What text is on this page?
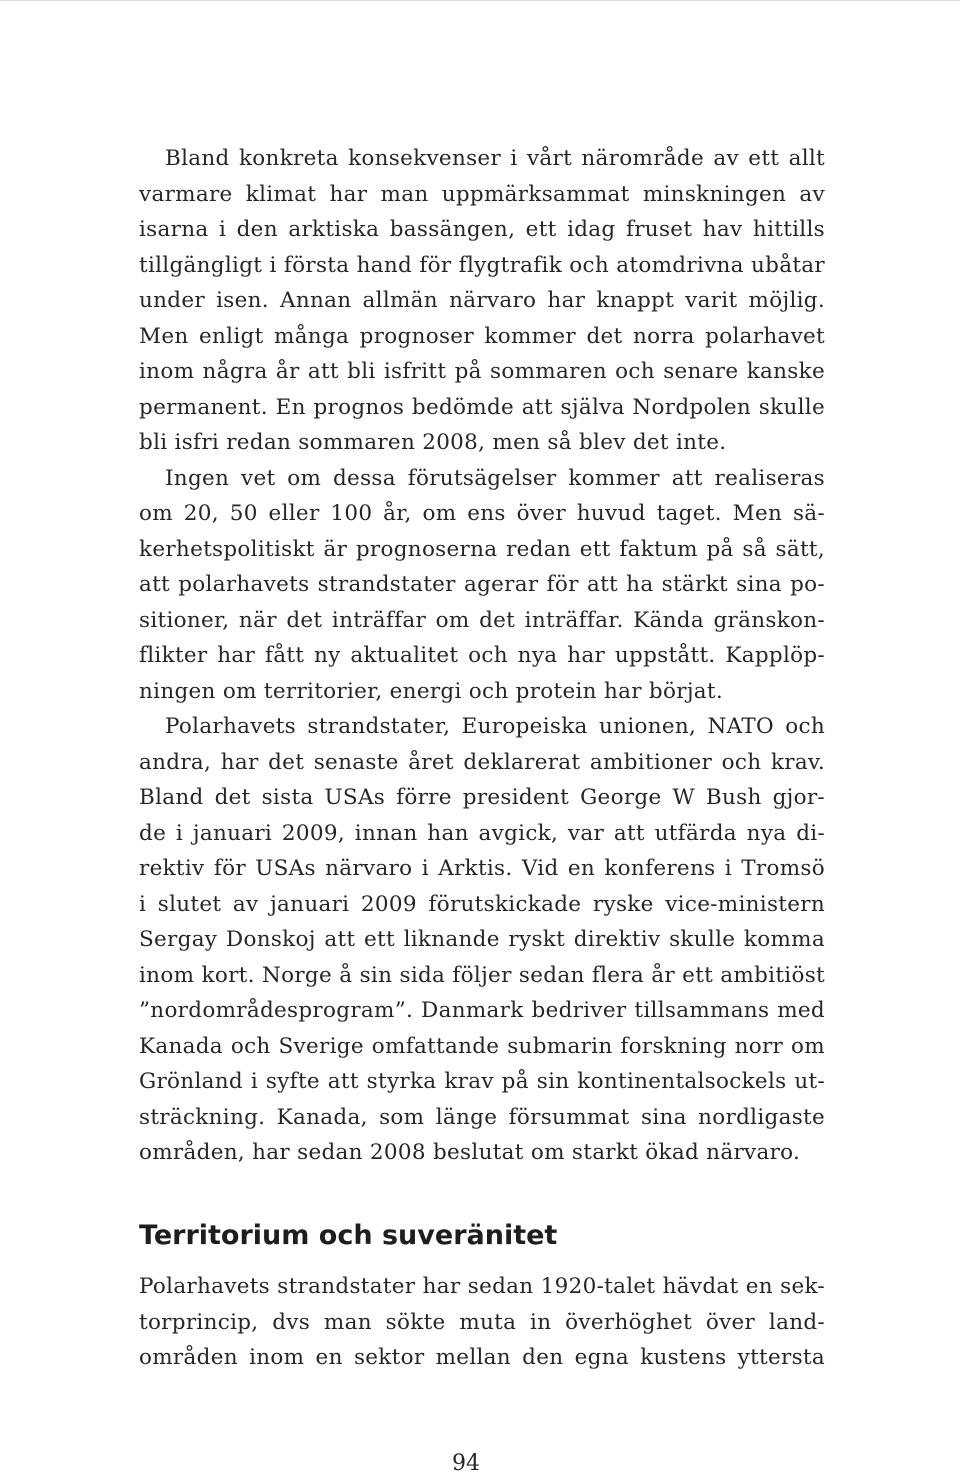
Bland konkreta konsekvenser i vårt närområde av ett allt
varmare klimat har man uppmärksammat minskningen av
isarna i den arktiska bassängen, ett idag fruset hav hittills
tillgängligt i första hand för flygtrafik och atomdrivna ubåtar
under isen. Annan allmän närvaro har knappt varit möjlig.
Men enligt många prognoser kommer det norra polarhavet
inom några år att bli isfritt på sommaren och senare kanske
permanent. En prognos bedömde att själva Nordpolen skulle
bli isfri redan sommaren 2008, men så blev det inte.
Ingen vet om dessa förutsägelser kommer att realiseras
om 20, 50 eller 100 år, om ens över huvud taget. Men sä-
kerhetspolitiskt är prognoserna redan ett faktum på så sätt,
att polarhavets strandstater agerar för att ha stärkt sina po-
sitioner, när det inträffar om det inträffar. Kända gränskon-
flikter har fått ny aktualitet och nya har uppstått. Kapplöp-
ningen om territorier, energi och protein har börjat.
Polarhavets strandstater, Europeiska unionen, NATO och
andra, har det senaste året deklarerat ambitioner och krav.
Bland det sista USAs förre president George W Bush gjor-
de i januari 2009, innan han avgick, var att utfärda nya di-
rektiv för USAs närvaro i Arktis. Vid en konferens i Tromsö
i slutet av januari 2009 förutskickade ryske vice-ministern
Sergay Donskoj att ett liknande ryskt direktiv skulle komma
inom kort. Norge å sin sida följer sedan flera år ett ambitiöst
”nordområdesprogram”. Danmark bedriver tillsammans med
Kanada och Sverige omfattande submarin forskning norr om
Grönland i syfte att styrka krav på sin kontinentalsockels ut-
sträckning. Kanada, som länge försummat sina nordligaste
områden, har sedan 2008 beslutat om starkt ökad närvaro.
Territorium och suveränitet
Polarhavets strandstater har sedan 1920-talet hävdat en sek-
torprincip, dvs man sökte muta in överhöghet över land-
områden inom en sektor mellan den egna kustens yttersta
94
